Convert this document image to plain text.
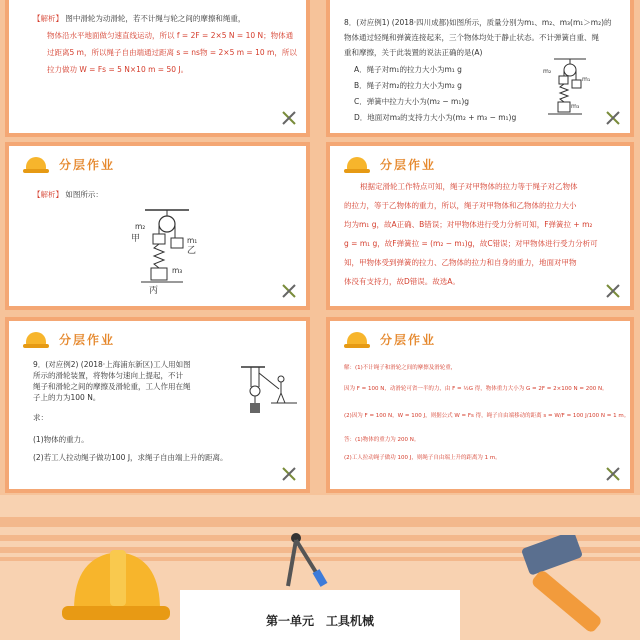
【解析】 图中滑轮为动滑轮，若不计绳与轮之间的摩擦和绳重，
物体沿水平地面做匀速直线运动，所以 f = 2F = 2×5 N = 10 N；物体通
过距离5 m，所以绳子自由端通过距离 s = ns物 = 2×5 m = 10 m，所以
拉力做功 W = Fs = 5 N×10 m = 50 J。
8．(对应例1) (2018·四川成都)如图所示，质量分别为m₁、m₂、m₃(m₁＞m₂)的
物体通过轻绳和弹簧连接起来，三个物体均处于静止状态。不计弹簧自重、绳
重和摩擦，关于此装置的说法正确的是(A)
A．绳子对m₁的拉力大小为m₁ g
B．绳子对m₂的拉力大小为m₂ g
C．弹簧中拉力大小为(m₂ − m₁)g
D．地面对m₃的支持力大小为(m₂ + m₃ − m₁)g
m₂
m₁
m₃
分层作业
【解析】 如图所示：
m₂
甲	m₁
乙
m₃
丙
分层作业
根据定滑轮工作特点可知，绳子对甲物体的拉力等于绳子对乙物体
的拉力，等于乙物体的重力，所以，绳子对甲物体和乙物体的拉力大小
均为m₁ g，故A正确、B错误；对甲物体进行受力分析可知，F弹簧拉 + m₂
g = m₁ g，故F弹簧拉 = (m₂ − m₁)g，故C错误；对甲物体进行受力分析可
知，甲物体受到弹簧的拉力、乙物体的拉力和自身的重力，地面对甲物
体没有支持力，故D错误。故选A。
分层作业
9．(对应例2) (2018·上海浦东新区)工人用如图
所示的滑轮装置，将物体匀速向上提起，不计
绳子和滑轮之间的摩擦及滑轮重，工人作用在绳
子上的力为100 N。
求：
(1)物体的重力。
(2)若工人拉动绳子做功100 J，求绳子自由端上升的距离。
分层作业
解：(1)不计绳子和滑轮之间的摩擦及滑轮重，
因为 F = 100 N，动滑轮可省一半的力，由 F = ½G 得，物体重力大小为 G = 2F = 2×100 N = 200 N。
(2)因为 F = 100 N，W = 100 J，则据公式 W = Fs 得，绳子自由端移动的距离 s = W/F = 100 J/100 N = 1 m。
答：(1)物体的重力为 200 N。
(2)工人拉动绳子做功 100 J，则绳子自由端上升的距离为 1 m。
第一单元　工具机械
